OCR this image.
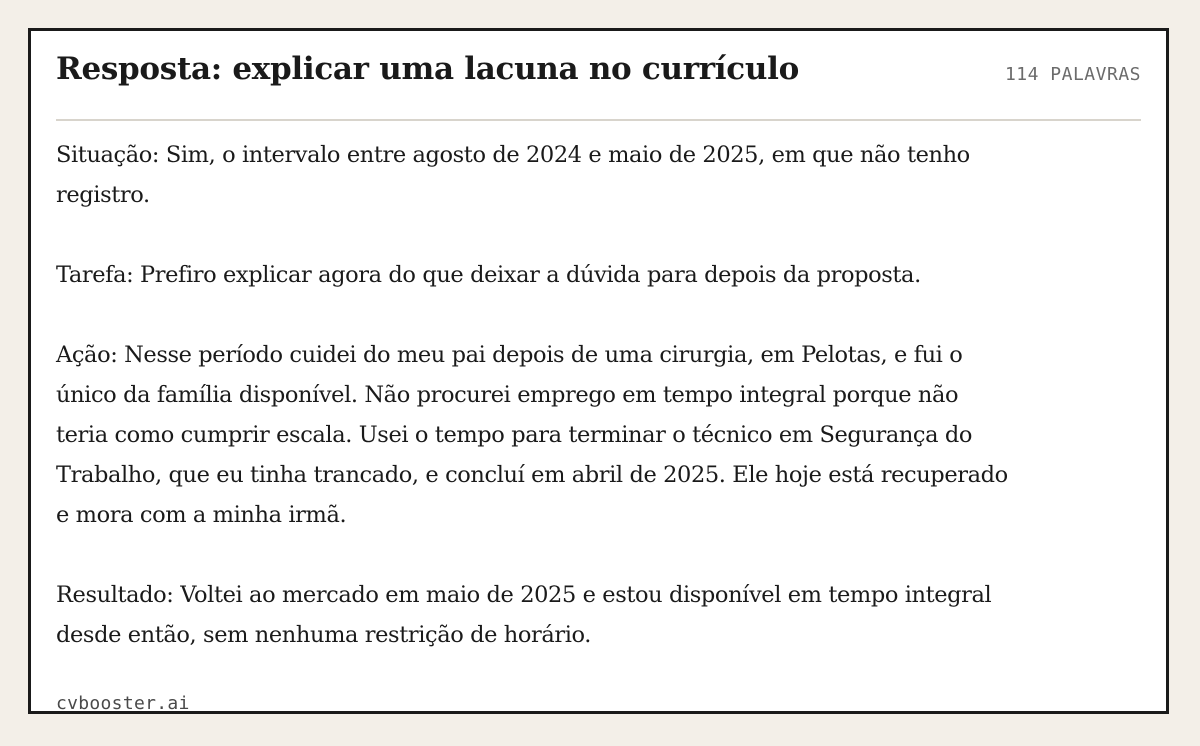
Resposta: explicar uma lacuna no currículo	114 PALAVRAS

Situação: Sim, o intervalo entre agosto de 2024 e maio de 2025, em que não tenho registro.

Tarefa: Prefiro explicar agora do que deixar a dúvida para depois da proposta.

Ação: Nesse período cuidei do meu pai depois de uma cirurgia, em Pelotas, e fui o único da família disponível. Não procurei emprego em tempo integral porque não teria como cumprir escala. Usei o tempo para terminar o técnico em Segurança do Trabalho, que eu tinha trancado, e concluí em abril de 2025. Ele hoje está recuperado e mora com a minha irmã.

Resultado: Voltei ao mercado em maio de 2025 e estou disponível em tempo integral desde então, sem nenhuma restrição de horário.

cvbooster.ai
